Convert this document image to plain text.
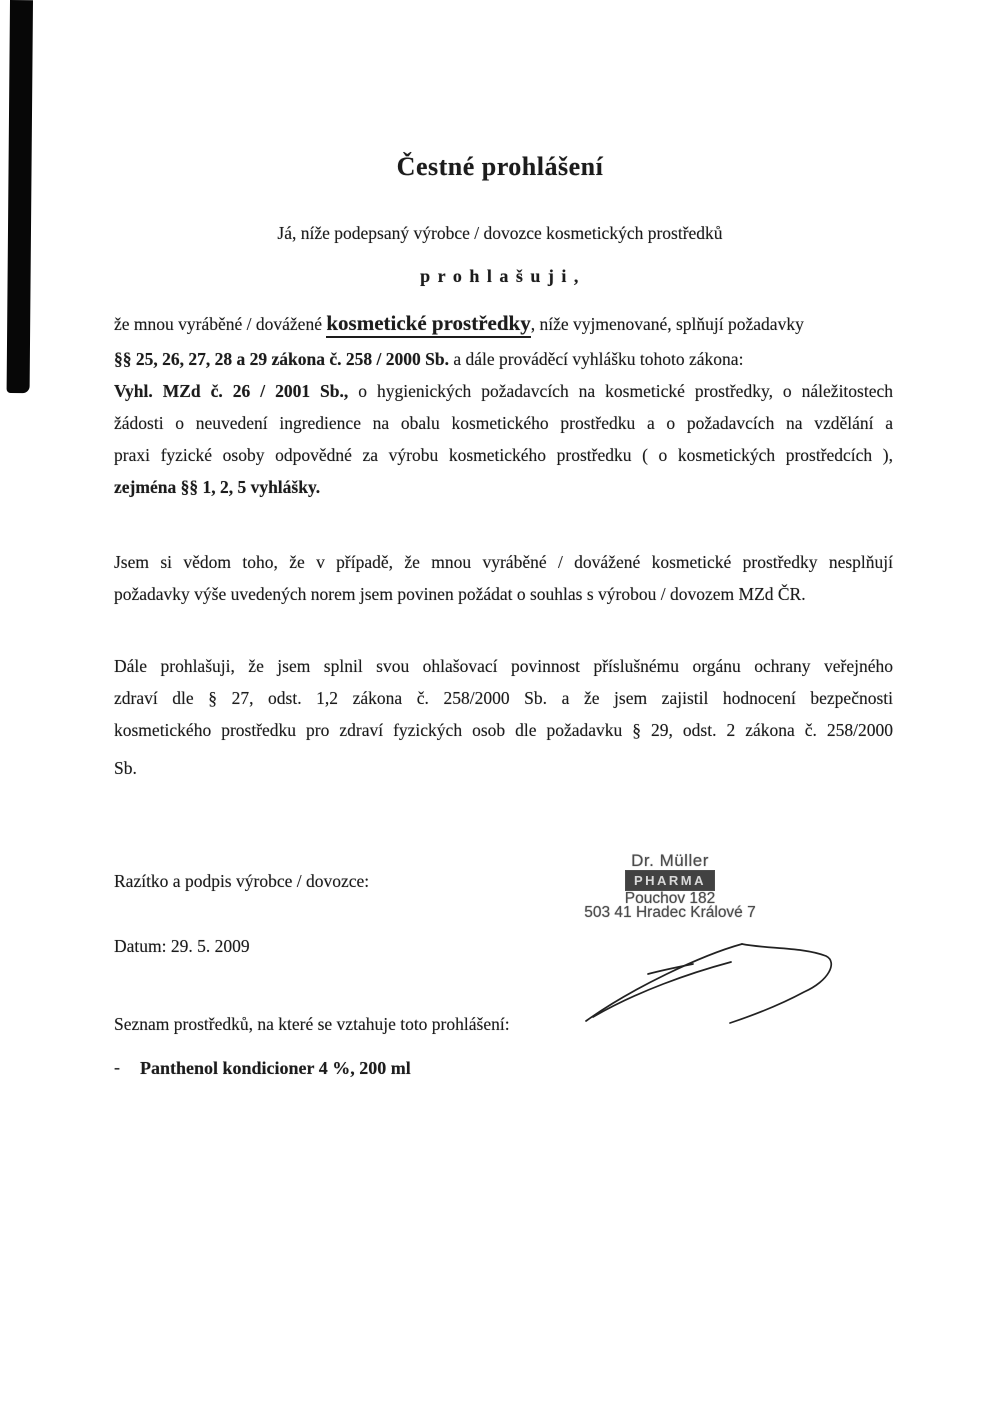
Čestné prohlášení
Já, níže podepsaný výrobce / dovozce kosmetických prostředků
p r o h l a š u j i ,
že mnou vyráběné / dovážené kosmetické prostředky, níže vyjmenované, splňují požadavky
§§ 25, 26, 27, 28 a 29 zákona č. 258 / 2000 Sb. a dále prováděcí vyhlášku tohoto zákona:
Vyhl. MZd č. 26 / 2001 Sb., o hygienických požadavcích na kosmetické prostředky, o náležitostech
žádosti o neuvedení ingredience na obalu kosmetického prostředku a o požadavcích na vzdělání a
praxi fyzické osoby odpovědné za výrobu kosmetického prostředku ( o kosmetických prostředcích ),
zejména §§ 1, 2, 5 vyhlášky.
Jsem si vědom toho, že v případě, že mnou vyráběné / dovážené kosmetické prostředky nesplňují
požadavky výše uvedených norem jsem povinen požádat o souhlas s výrobou / dovozem MZd ČR.
Dále prohlašuji, že jsem splnil svou ohlašovací povinnost příslušnému orgánu ochrany veřejného
zdraví dle § 27, odst. 1,2 zákona č. 258/2000 Sb. a že jsem zajistil hodnocení bezpečnosti
kosmetického prostředku pro zdraví fyzických osob dle požadavku § 29, odst. 2 zákona č. 258/2000
Sb.
Razítko a podpis výrobce / dovozce:
Datum: 29. 5. 2009
Dr. Müller
PHARMA
Pouchov 182
503 41 Hradec Králové 7
Seznam prostředků, na které se vztahuje toto prohlášení:
- Panthenol kondicioner 4 %, 200 ml
